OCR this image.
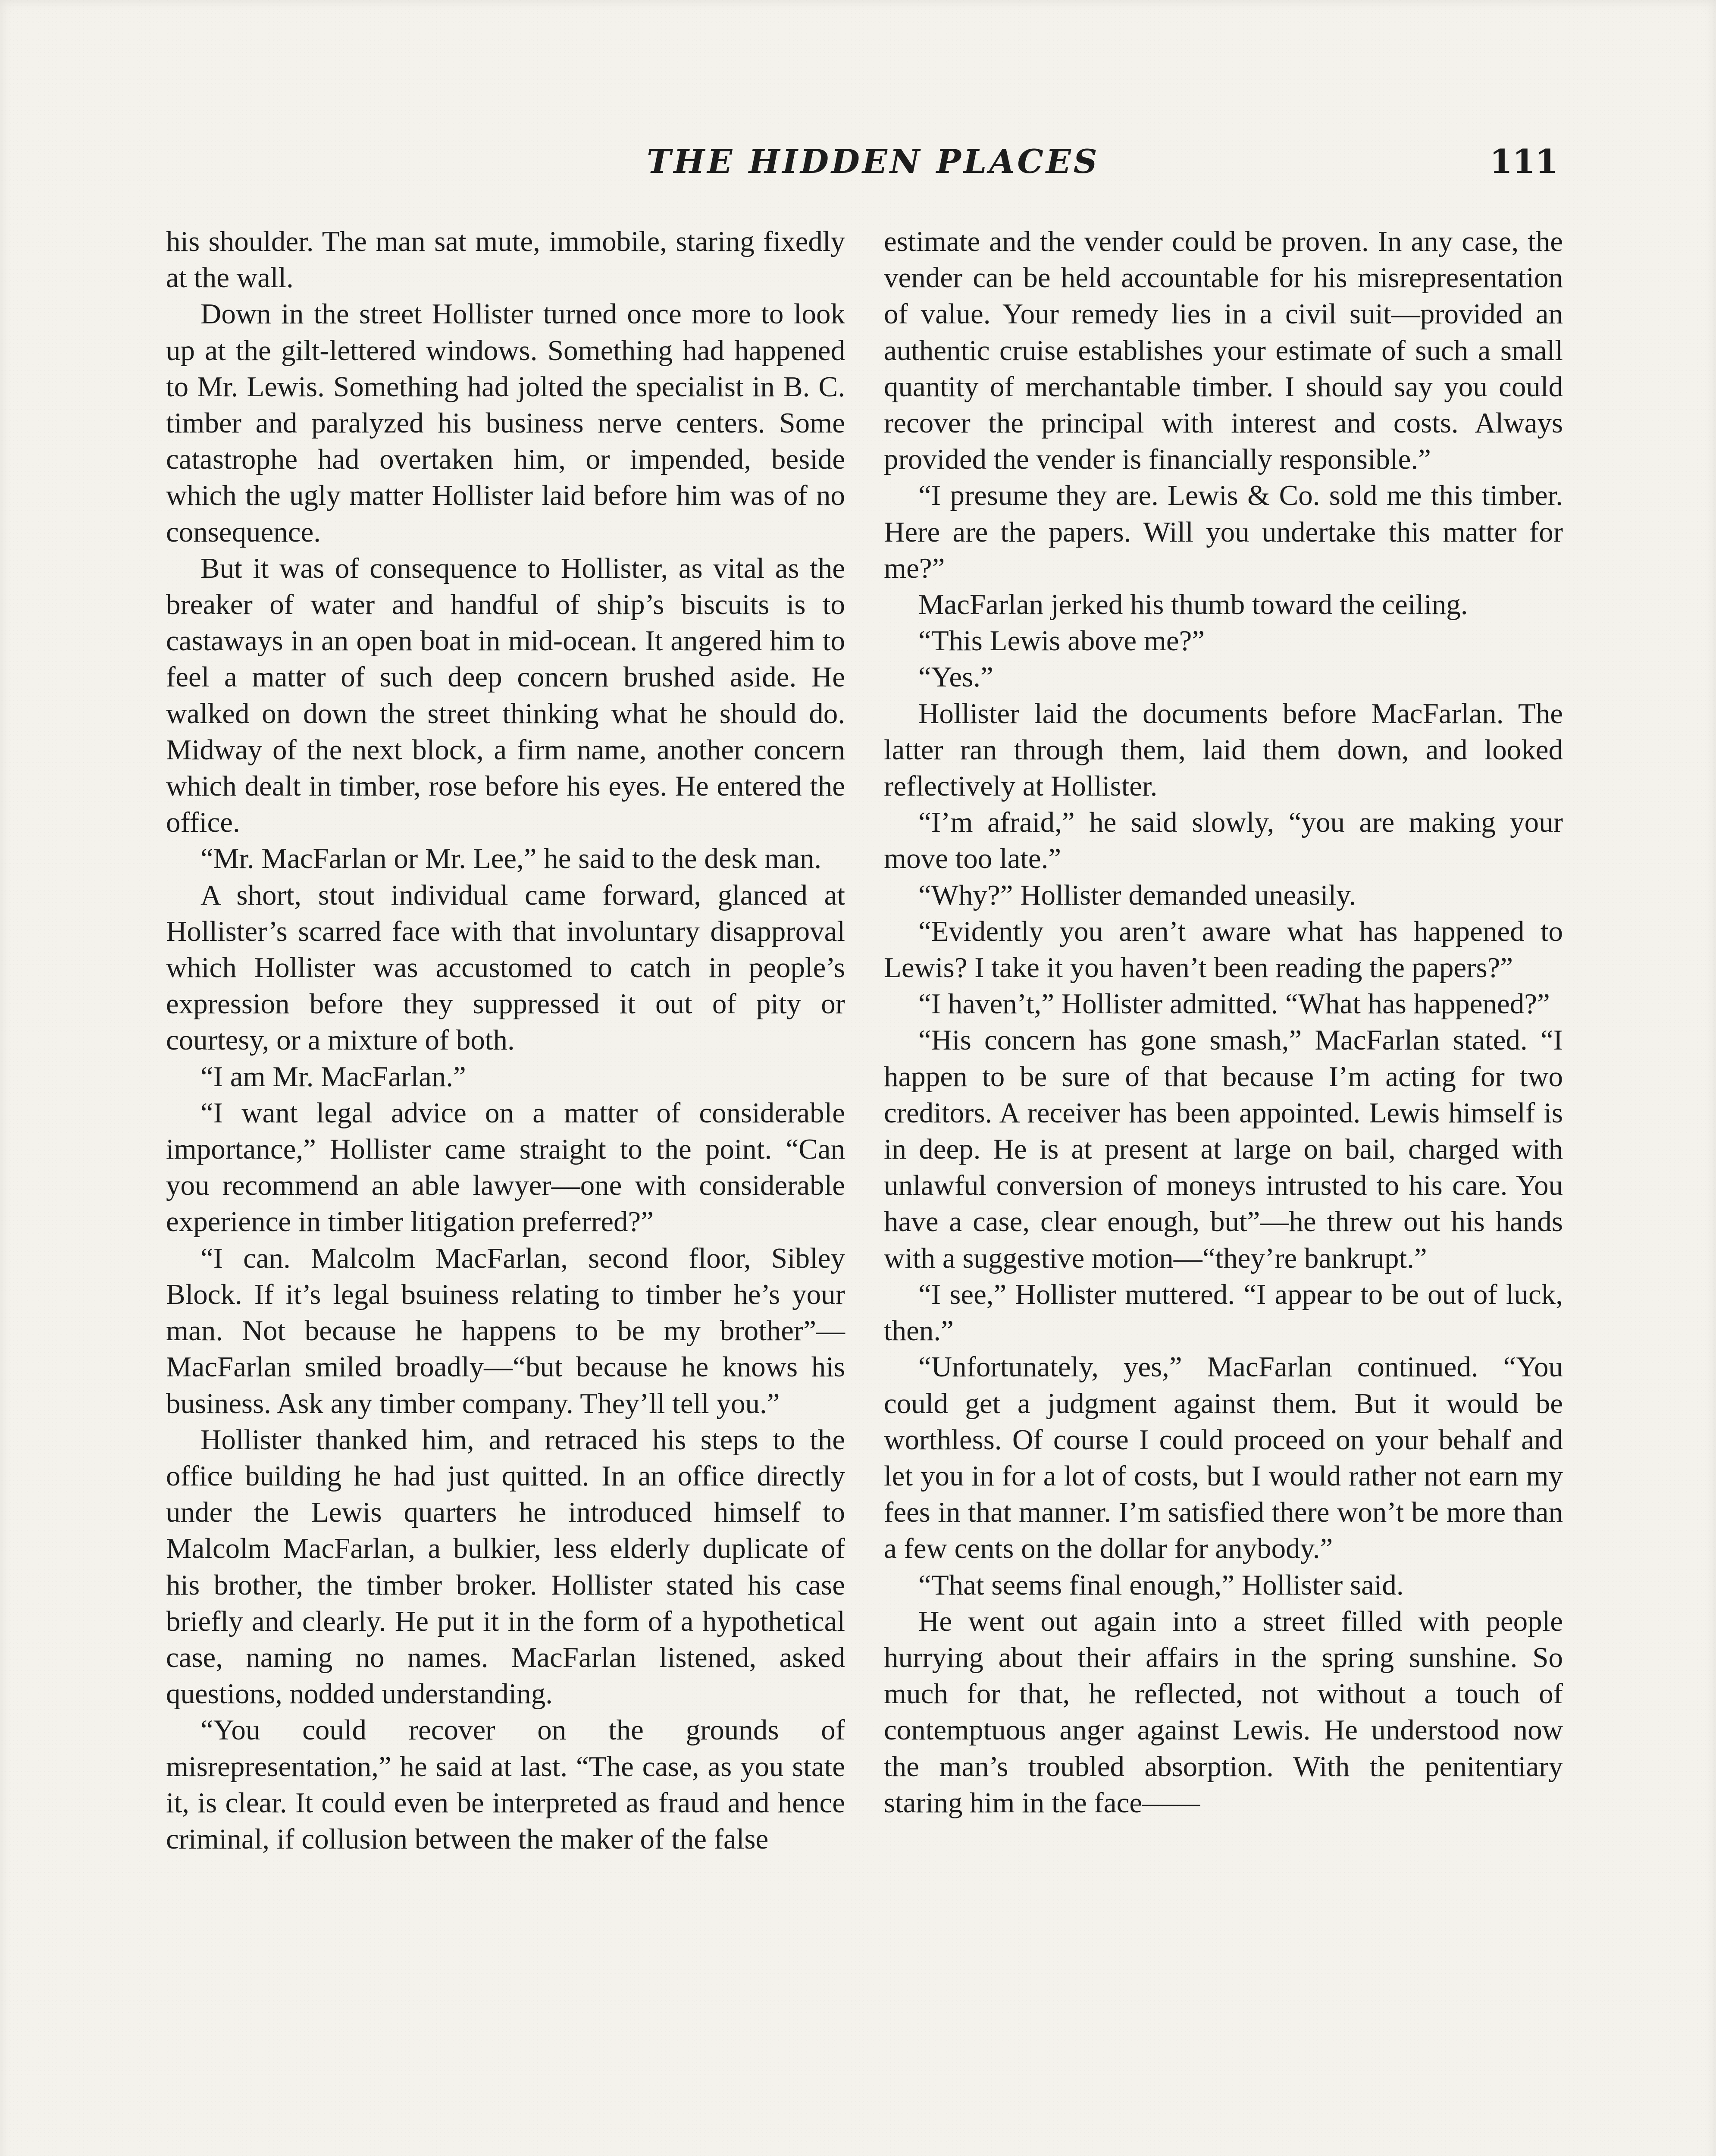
THE HIDDEN PLACES	111

his shoulder. The man sat mute, immobile, staring fixedly at the wall.

Down in the street Hollister turned once more to look up at the gilt-lettered windows. Something had happened to Mr. Lewis. Something had jolted the specialist in B. C. timber and paralyzed his business nerve centers. Some catastrophe had overtaken him, or impended, beside which the ugly matter Hollister laid before him was of no consequence.

But it was of consequence to Hollister, as vital as the breaker of water and handful of ship’s biscuits is to castaways in an open boat in mid-ocean. It angered him to feel a matter of such deep concern brushed aside. He walked on down the street thinking what he should do. Midway of the next block, a firm name, another concern which dealt in timber, rose before his eyes. He entered the office.

“Mr. MacFarlan or Mr. Lee,” he said to the desk man.

A short, stout individual came forward, glanced at Hollister’s scarred face with that involuntary disapproval which Hollister was accustomed to catch in people’s expression before they suppressed it out of pity or courtesy, or a mixture of both.

“I am Mr. MacFarlan.”

“I want legal advice on a matter of considerable importance,” Hollister came straight to the point. “Can you recommend an able lawyer—one with considerable experience in timber litigation preferred?”

“I can. Malcolm MacFarlan, second floor, Sibley Block. If it’s legal bsuiness relating to timber he’s your man. Not because he happens to be my brother”—MacFarlan smiled broadly—“but because he knows his business. Ask any timber company. They’ll tell you.”

Hollister thanked him, and retraced his steps to the office building he had just quitted. In an office directly under the Lewis quarters he introduced himself to Malcolm MacFarlan, a bulkier, less elderly duplicate of his brother, the timber broker. Hollister stated his case briefly and clearly. He put it in the form of a hypothetical case, naming no names. MacFarlan listened, asked questions, nodded understanding.

“You could recover on the grounds of misrepresentation,” he said at last. “The case, as you state it, is clear. It could even be interpreted as fraud and hence criminal, if collusion between the maker of the false

estimate and the vender could be proven. In any case, the vender can be held accountable for his misrepresentation of value. Your remedy lies in a civil suit—provided an authentic cruise establishes your estimate of such a small quantity of merchantable timber. I should say you could recover the principal with interest and costs. Always provided the vender is financially responsible.”

“I presume they are. Lewis & Co. sold me this timber. Here are the papers. Will you undertake this matter for me?”

MacFarlan jerked his thumb toward the ceiling.

“This Lewis above me?”

“Yes.”

Hollister laid the documents before MacFarlan. The latter ran through them, laid them down, and looked reflectively at Hollister.

“I’m afraid,” he said slowly, “you are making your move too late.”

“Why?” Hollister demanded uneasily.

“Evidently you aren’t aware what has happened to Lewis? I take it you haven’t been reading the papers?”

“I haven’t,” Hollister admitted. “What has happened?”

“His concern has gone smash,” MacFarlan stated. “I happen to be sure of that because I’m acting for two creditors. A receiver has been appointed. Lewis himself is in deep. He is at present at large on bail, charged with unlawful conversion of moneys intrusted to his care. You have a case, clear enough, but”—he threw out his hands with a suggestive motion—“they’re bankrupt.”

“I see,” Hollister muttered. “I appear to be out of luck, then.”

“Unfortunately, yes,” MacFarlan continued. “You could get a judgment against them. But it would be worthless. Of course I could proceed on your behalf and let you in for a lot of costs, but I would rather not earn my fees in that manner. I’m satisfied there won’t be more than a few cents on the dollar for anybody.”

“That seems final enough,” Hollister said.

He went out again into a street filled with people hurrying about their affairs in the spring sunshine. So much for that, he reflected, not without a touch of contemptuous anger against Lewis. He understood now the man’s troubled absorption. With the penitentiary staring him in the face——
